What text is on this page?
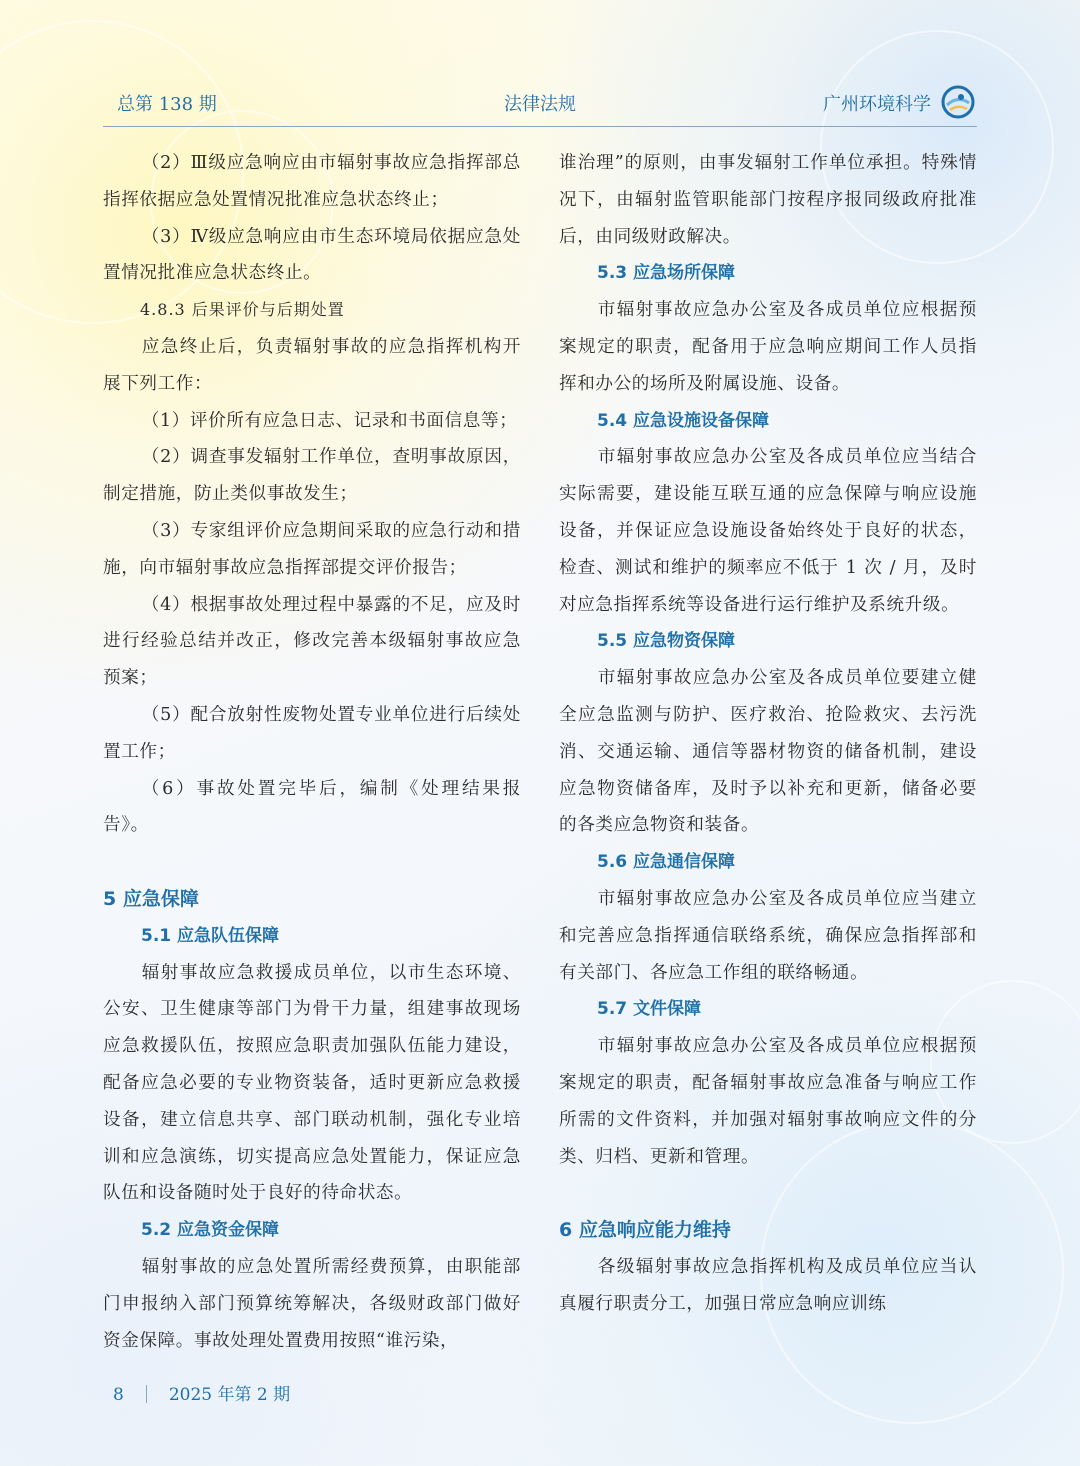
总第 138 期	法律法规	广州环境科学

（2）Ⅲ级应急响应由市辐射事故应急指挥部总指挥依据应急处置情况批准应急状态终止；

（3）Ⅳ级应急响应由市生态环境局依据应急处置情况批准应急状态终止。

4.8.3 后果评价与后期处置

应急终止后，负责辐射事故的应急指挥机构开展下列工作：

（1）评价所有应急日志、记录和书面信息等；

（2）调查事发辐射工作单位，查明事故原因，制定措施，防止类似事故发生；

（3）专家组评价应急期间采取的应急行动和措施，向市辐射事故应急指挥部提交评价报告；

（4）根据事故处理过程中暴露的不足，应及时进行经验总结并改正，修改完善本级辐射事故应急预案；

（5）配合放射性废物处置专业单位进行后续处置工作；

（6）事故处置完毕后，编制《处理结果报告》。

5 应急保障
5.1 应急队伍保障

辐射事故应急救援成员单位，以市生态环境、公安、卫生健康等部门为骨干力量，组建事故现场应急救援队伍，按照应急职责加强队伍能力建设，配备应急必要的专业物资装备，适时更新应急救援设备，建立信息共享、部门联动机制，强化专业培训和应急演练，切实提高应急处置能力，保证应急队伍和设备随时处于良好的待命状态。

5.2 应急资金保障

辐射事故的应急处置所需经费预算，由职能部门申报纳入部门预算统筹解决，各级财政部门做好资金保障。事故处理处置费用按照“谁污染，

谁治理”的原则，由事发辐射工作单位承担。特殊情况下，由辐射监管职能部门按程序报同级政府批准后，由同级财政解决。

5.3 应急场所保障

市辐射事故应急办公室及各成员单位应根据预案规定的职责，配备用于应急响应期间工作人员指挥和办公的场所及附属设施、设备。

5.4 应急设施设备保障

市辐射事故应急办公室及各成员单位应当结合实际需要，建设能互联互通的应急保障与响应设施设备，并保证应急设施设备始终处于良好的状态，检查、测试和维护的频率应不低于 1 次 / 月，及时对应急指挥系统等设备进行运行维护及系统升级。

5.5 应急物资保障

市辐射事故应急办公室及各成员单位要建立健全应急监测与防护、医疗救治、抢险救灾、去污洗消、交通运输、通信等器材物资的储备机制，建设应急物资储备库，及时予以补充和更新，储备必要的各类应急物资和装备。

5.6 应急通信保障

市辐射事故应急办公室及各成员单位应当建立和完善应急指挥通信联络系统，确保应急指挥部和有关部门、各应急工作组的联络畅通。

5.7 文件保障

市辐射事故应急办公室及各成员单位应根据预案规定的职责，配备辐射事故应急准备与响应工作所需的文件资料，并加强对辐射事故响应文件的分类、归档、更新和管理。

6 应急响应能力维持

各级辐射事故应急指挥机构及成员单位应当认真履行职责分工，加强日常应急响应训练

8	2025 年第 2 期
